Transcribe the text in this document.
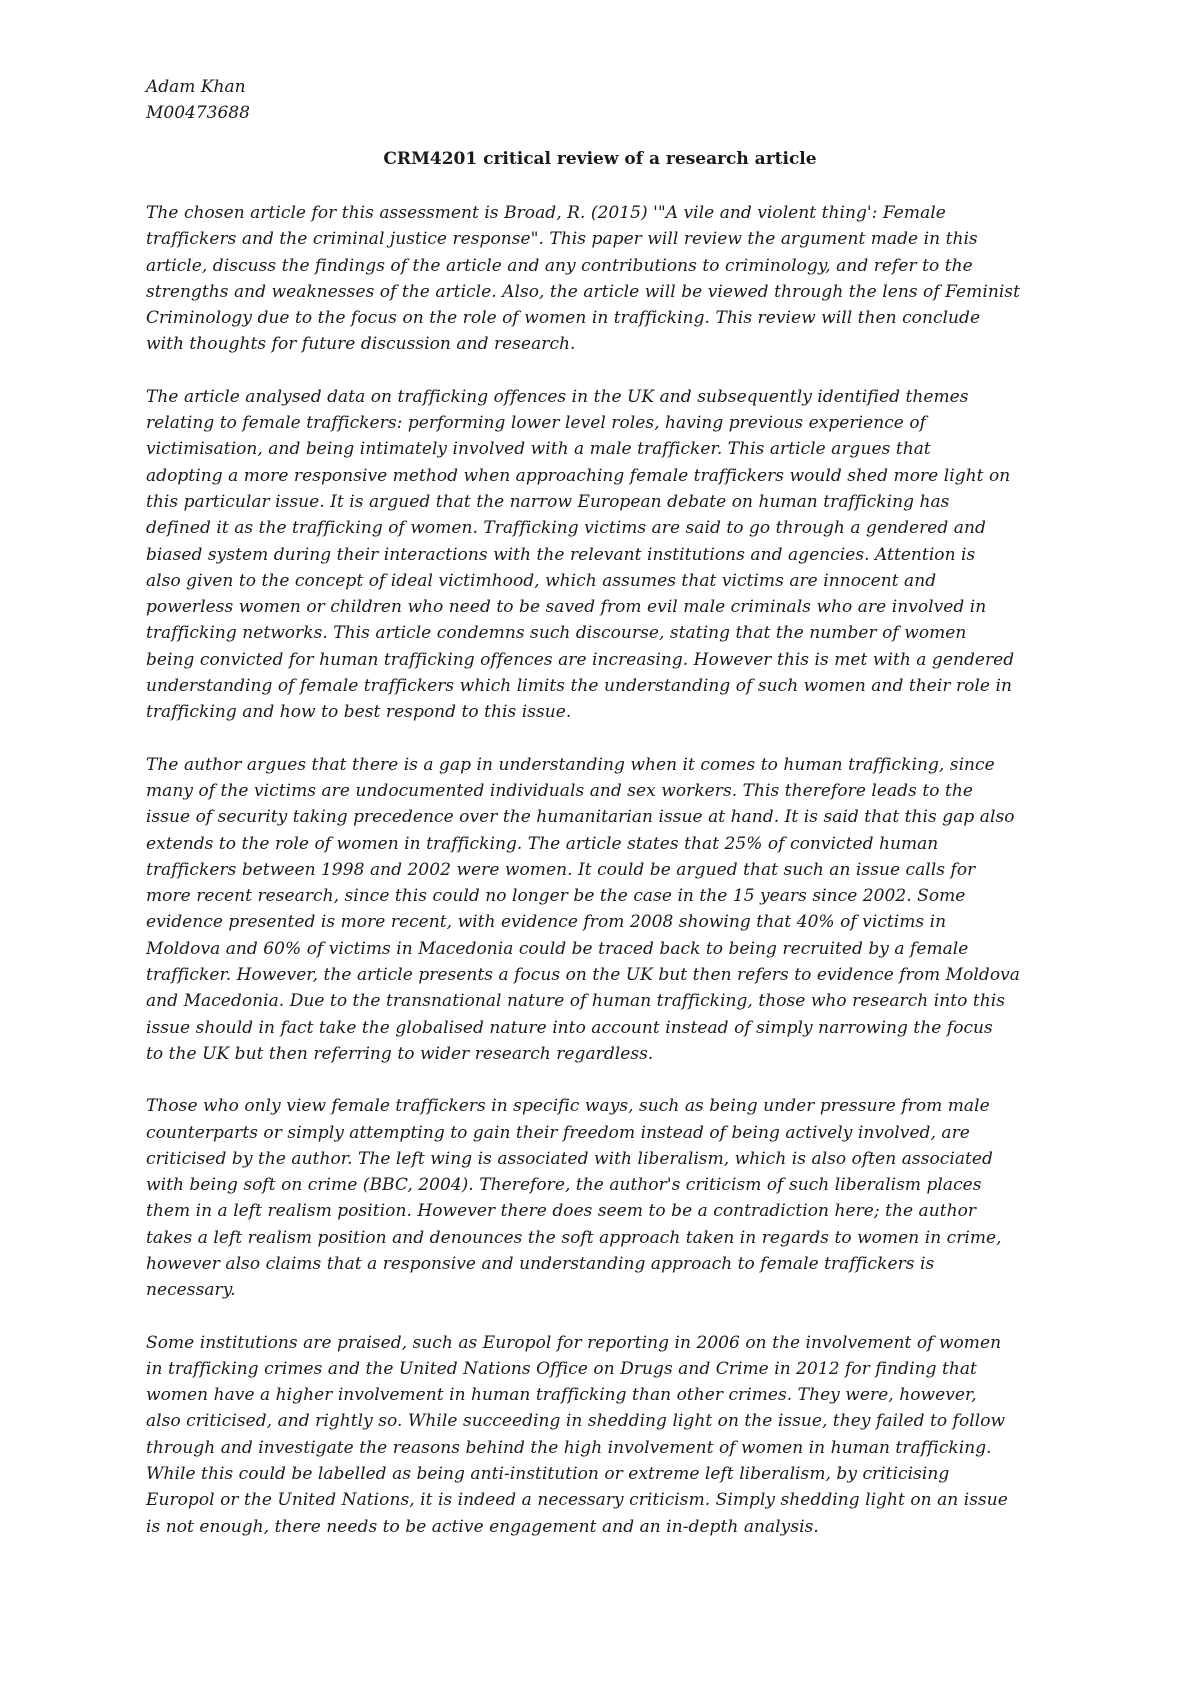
Adam Khan
M00473688
CRM4201 critical review of a research article
The chosen article for this assessment is Broad, R. (2015) '"A vile and violent thing': Female
traffickers and the criminal justice response". This paper will review the argument made in this
article, discuss the findings of the article and any contributions to criminology, and refer to the
strengths and weaknesses of the article. Also, the article will be viewed through the lens of Feminist
Criminology due to the focus on the role of women in trafficking. This review will then conclude
with thoughts for future discussion and research.
The article analysed data on trafficking offences in the UK and subsequently identified themes
relating to female traffickers: performing lower level roles, having previous experience of
victimisation, and being intimately involved with a male trafficker. This article argues that
adopting a more responsive method when approaching female traffickers would shed more light on
this particular issue. It is argued that the narrow European debate on human trafficking has
defined it as the trafficking of women. Trafficking victims are said to go through a gendered and
biased system during their interactions with the relevant institutions and agencies. Attention is
also given to the concept of ideal victimhood, which assumes that victims are innocent and
powerless women or children who need to be saved from evil male criminals who are involved in
trafficking networks. This article condemns such discourse, stating that the number of women
being convicted for human trafficking offences are increasing. However this is met with a gendered
understanding of female traffickers which limits the understanding of such women and their role in
trafficking and how to best respond to this issue.
The author argues that there is a gap in understanding when it comes to human trafficking, since
many of the victims are undocumented individuals and sex workers. This therefore leads to the
issue of security taking precedence over the humanitarian issue at hand. It is said that this gap also
extends to the role of women in trafficking. The article states that 25% of convicted human
traffickers between 1998 and 2002 were women. It could be argued that such an issue calls for
more recent research, since this could no longer be the case in the 15 years since 2002. Some
evidence presented is more recent, with evidence from 2008 showing that 40% of victims in
Moldova and 60% of victims in Macedonia could be traced back to being recruited by a female
trafficker. However, the article presents a focus on the UK but then refers to evidence from Moldova
and Macedonia. Due to the transnational nature of human trafficking, those who research into this
issue should in fact take the globalised nature into account instead of simply narrowing the focus
to the UK but then referring to wider research regardless.
Those who only view female traffickers in specific ways, such as being under pressure from male
counterparts or simply attempting to gain their freedom instead of being actively involved, are
criticised by the author. The left wing is associated with liberalism, which is also often associated
with being soft on crime (BBC, 2004). Therefore, the author's criticism of such liberalism places
them in a left realism position. However there does seem to be a contradiction here; the author
takes a left realism position and denounces the soft approach taken in regards to women in crime,
however also claims that a responsive and understanding approach to female traffickers is
necessary.
Some institutions are praised, such as Europol for reporting in 2006 on the involvement of women
in trafficking crimes and the United Nations Office on Drugs and Crime in 2012 for finding that
women have a higher involvement in human trafficking than other crimes. They were, however,
also criticised, and rightly so. While succeeding in shedding light on the issue, they failed to follow
through and investigate the reasons behind the high involvement of women in human trafficking.
While this could be labelled as being anti-institution or extreme left liberalism, by criticising
Europol or the United Nations, it is indeed a necessary criticism. Simply shedding light on an issue
is not enough, there needs to be active engagement and an in-depth analysis.
